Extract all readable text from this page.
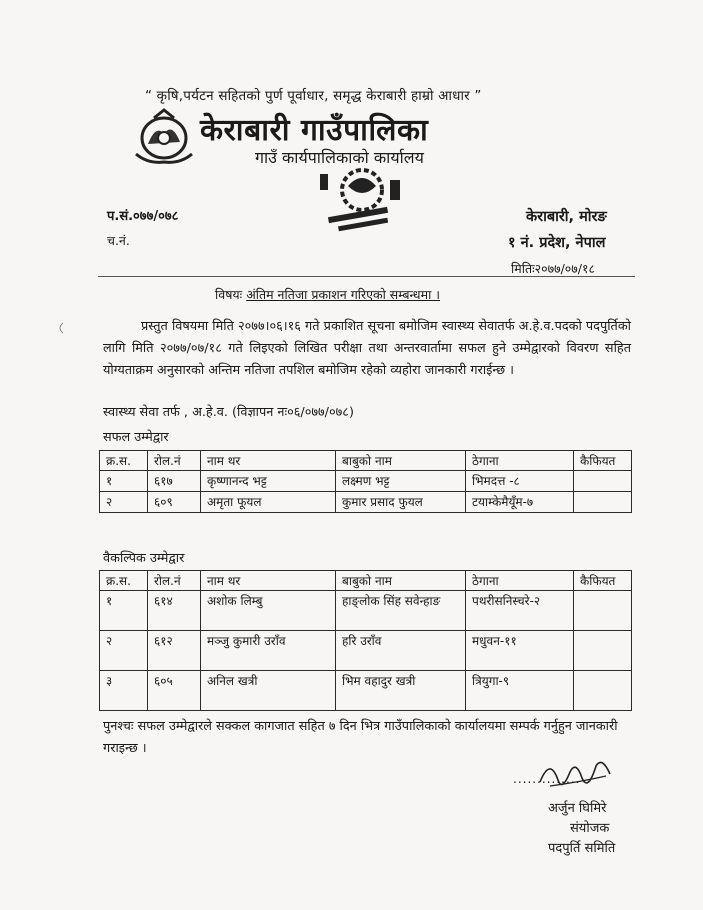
“ कृषि,पर्यटन सहितको पुर्ण पूर्वाधार, समृद्ध केराबारी हाम्रो आधार ”
केराबारी गाउँपालिका
गाउँ कार्यपालिकाको कार्यालय
प.सं.०७७/०७८
च.नं.
केराबारी, मोरङ
१ नं. प्रदेश, नेपाल
मितिः२०७७/०७/१८
विषयः अंतिम नतिजा प्रकाशन गरिएको सम्बन्धमा ।
प्रस्तुत विषयमा मिति २०७७।०६।१६ गते प्रकाशित सूचना बमोजिम स्वास्थ्य सेवातर्फ अ.हे.व.पदको पदपुर्तिको लागि मिति २०७७/०७/१८ गते लिइएको लिखित परीक्षा तथा अन्तरवार्तामा सफल हुने उम्मेद्वारको विवरण सहित योग्यताक्रम अनुसारको अन्तिम नतिजा तपशिल बमोजिम रहेको व्यहोरा जानकारी गराईन्छ ।
स्वास्थ्य सेवा तर्फ , अ.हे.व. (विज्ञापन नः०६/०७७/०७८)
सफल उम्मेद्वार
क्र.स.	रोल.नं	नाम थर	बाबुको नाम	ठेगाना	कैफियत
१	६१७	कृष्णानन्द भट्ट	लक्ष्मण भट्ट	भिमदत्त -८	
२	६०९	अमृता फूयल	कुमार प्रसाद फुयल	टयाम्केमैयूँम-७	
वैकल्पिक उम्मेद्वार
क्र.स.	रोल.नं	नाम थर	बाबुको नाम	ठेगाना	कैफियत
१	६१४	अशोक लिम्बु	हाङ्लोक सिंह सवेन्हाङ	पथरीसनिस्चरे-२	
२	६१२	मञ्जु कुमारी उराँव	हरि उराँव	मधुवन-११	
३	६०५	अनिल खत्री	भिम वहादुर खत्री	त्रियुगा-९	
पुनश्चः सफल उम्मेद्वारले सक्कल कागजात सहित ७ दिन भित्र गाउँपालिकाको कार्यालयमा सम्पर्क गर्नुहुन जानकारी गराइन्छ ।
..............
अर्जुन घिमिरे
संयोजक
पदपुर्ति समिति
